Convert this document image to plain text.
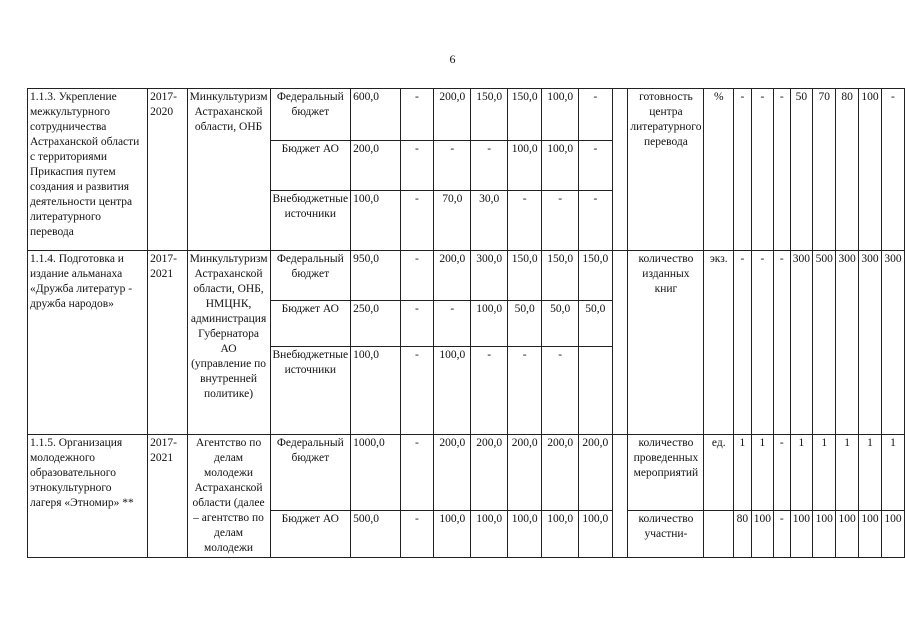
6
1.1.3. Укрепление межкультурного сотрудничества Астраханской области с территориями Прикаспия путем создания и развития деятельности центра литературного перевода	2017-2020	Минкультуризм Астраханской области, ОНБ	Федеральный бюджет	600,0	-	200,0	150,0	150,0	100,0	-		готовность центра литературного перевода	%	-	-	-	50	70	80	100	-
			Бюджет АО	200,0	-	-	-	100,0	100,0	-											
			Внебюджетные источники	100,0	-	70,0	30,0	-	-	-											
1.1.4. Подготовка и издание альманаха «Дружба литератур - дружба народов»	2017-2021	Минкультуризм Астраханской области, ОНБ, НМЦНК, администрация Губернатора АО (управление по внутренней политике)	Федеральный бюджет	950,0	-	200,0	300,0	150,0	150,0	150,0		количество изданных книг	экз.	-	-	-	300	500	300	300	300
			Бюджет АО	250,0	-	-	100,0	50,0	50,0	50,0											
			Внебюджетные источники	100,0	-	100,0	-	-	-												
1.1.5. Организация молодежного образовательного этнокультурного лагеря «Этномир» **	2017-2021	Агентство по делам молодежи Астраханской области (далее – агентство по делам молодежи	Федеральный бюджет	1000,0	-	200,0	200,0	200,0	200,0	200,0		количество проведенных мероприятий	ед.	1	1	-	1	1	1	1	1
			Бюджет АО	500,0	-	100,0	100,0	100,0	100,0	100,0		количество участни-		80	100	-	100	100	100	100	100
